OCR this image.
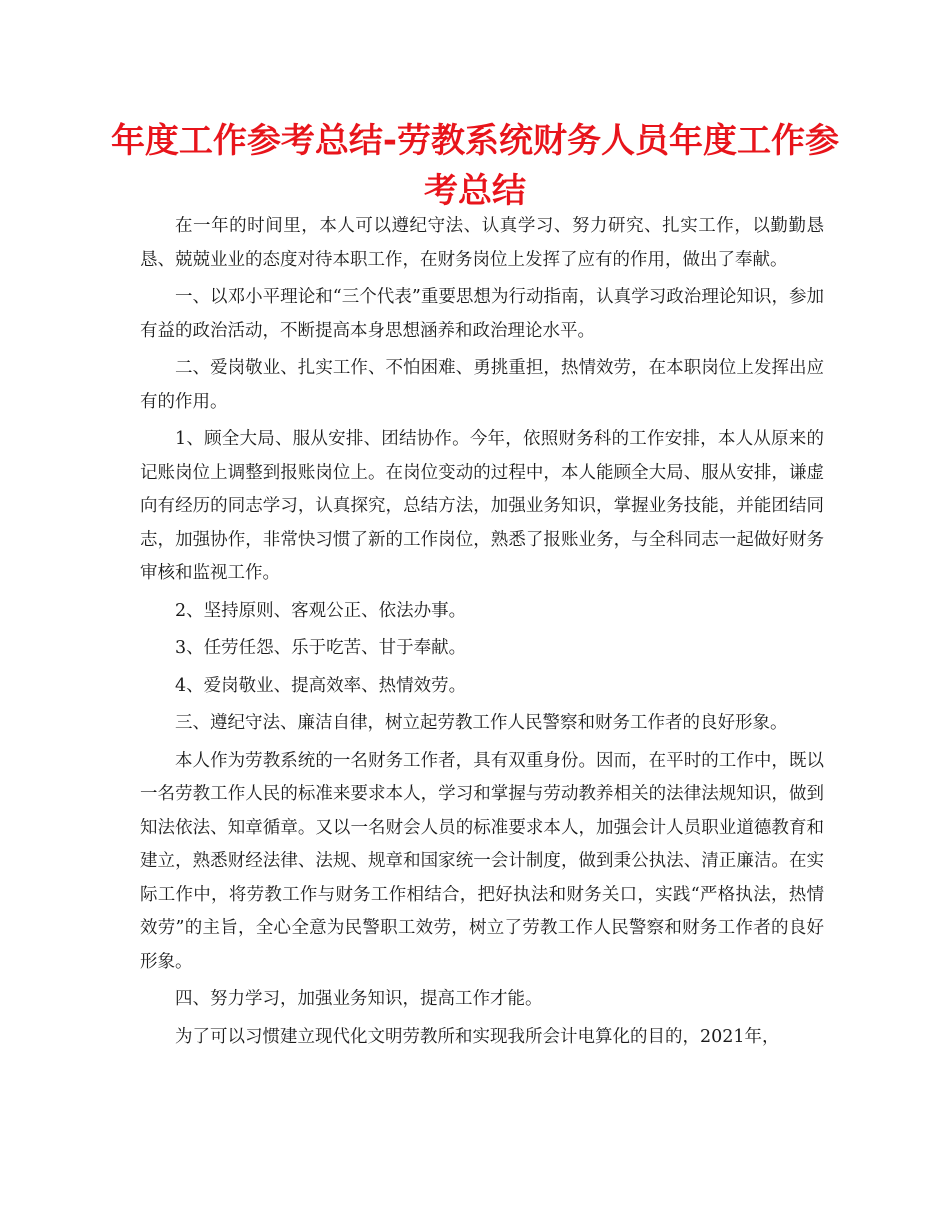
年度工作参考总结-劳教系统财务人员年度工作参考总结

在一年的时间里，本人可以遵纪守法、认真学习、努力研究、扎实工作，以勤勤恳恳、兢兢业业的态度对待本职工作，在财务岗位上发挥了应有的作用，做出了奉献。

一、以邓小平理论和“三个代表”重要思想为行动指南，认真学习政治理论知识，参加有益的政治活动，不断提高本身思想涵养和政治理论水平。

二、爱岗敬业、扎实工作、不怕困难、勇挑重担，热情效劳，在本职岗位上发挥出应有的作用。

1、顾全大局、服从安排、团结协作。今年，依照财务科的工作安排，本人从原来的记账岗位上调整到报账岗位上。在岗位变动的过程中，本人能顾全大局、服从安排，谦虚向有经历的同志学习，认真探究，总结方法，加强业务知识，掌握业务技能，并能团结同志，加强协作，非常快习惯了新的工作岗位，熟悉了报账业务，与全科同志一起做好财务审核和监视工作。

2、坚持原则、客观公正、依法办事。

3、任劳任怨、乐于吃苦、甘于奉献。

4、爱岗敬业、提高效率、热情效劳。

三、遵纪守法、廉洁自律，树立起劳教工作人民警察和财务工作者的良好形象。

本人作为劳教系统的一名财务工作者，具有双重身份。因而，在平时的工作中，既以一名劳教工作人民的标准来要求本人，学习和掌握与劳动教养相关的法律法规知识，做到知法依法、知章循章。又以一名财会人员的标准要求本人，加强会计人员职业道德教育和建立，熟悉财经法律、法规、规章和国家统一会计制度，做到秉公执法、清正廉洁。在实际工作中，将劳教工作与财务工作相结合，把好执法和财务关口，实践“严格执法，热情效劳”的主旨，全心全意为民警职工效劳，树立了劳教工作人民警察和财务工作者的良好形象。

四、努力学习，加强业务知识，提高工作才能。

为了可以习惯建立现代化文明劳教所和实现我所会计电算化的目的，2021年，
